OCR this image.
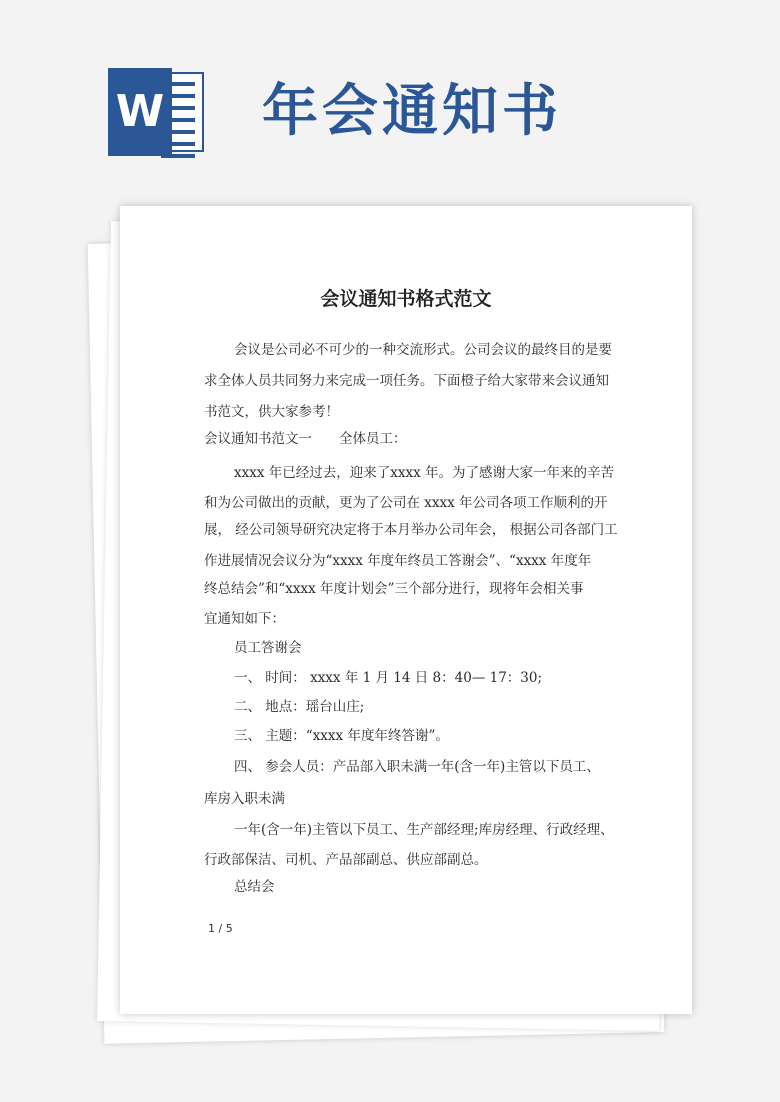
W 年会通知书
会议通知书格式范文

会议是公司必不可少的一种交流形式。公司会议的最终目的是要

求全体人员共同努力来完成一项任务。下面橙子给大家带来会议通知

书范文，供大家参考！

会议通知书范文一　　全体员工：

xxxx 年已经过去，迎来了xxxx 年。为了感谢大家一年来的辛苦

和为公司做出的贡献，更为了公司在 xxxx 年公司各项工作顺利的开

展， 经公司领导研究决定将于本月举办公司年会， 根据公司各部门工

作进展情况会议分为“xxxx 年度年终员工答谢会”、“xxxx 年度年

终总结会”和“xxxx 年度计划会”三个部分进行，现将年会相关事

宜通知如下：

员工答谢会

一、 时间： xxxx 年 1 月 14 日 8：40— 17：30;

二、 地点：瑶台山庄;

三、 主题：“xxxx 年度年终答谢”。

四、 参会人员：产品部入职未满一年(含一年)主管以下员工、

库房入职未满

一年(含一年)主管以下员工、生产部经理;库房经理、行政经理、

行政部保洁、司机、产品部副总、供应部副总。

总结会

1 / 5
